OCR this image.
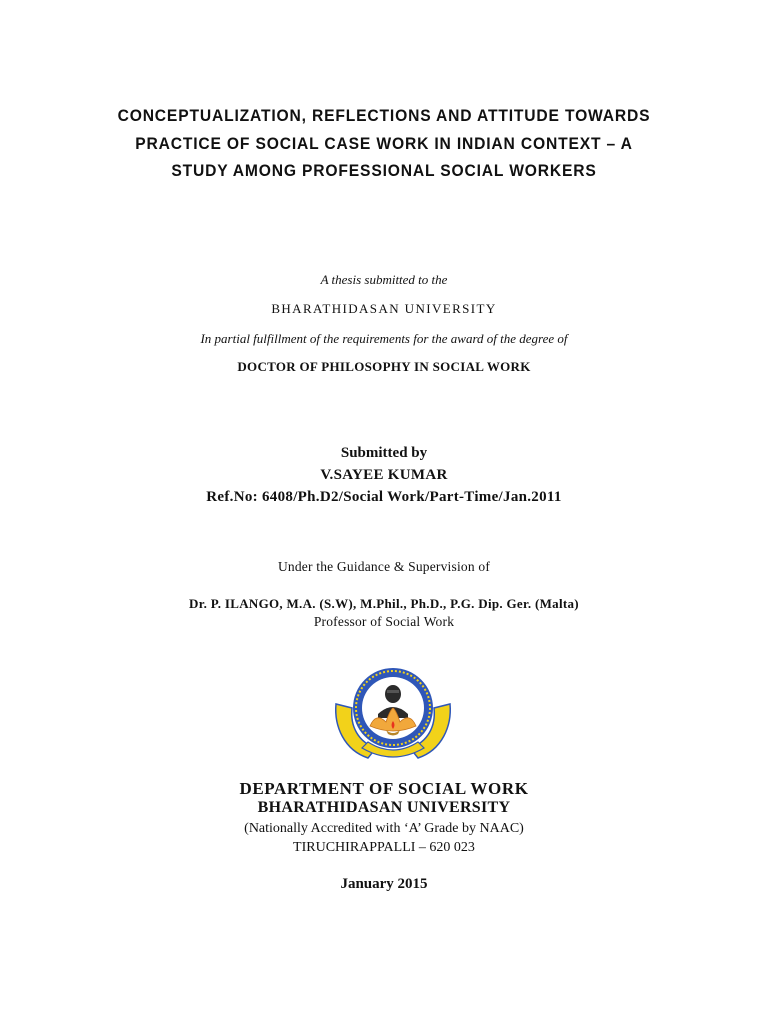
CONCEPTUALIZATION, REFLECTIONS AND ATTITUDE TOWARDS

PRACTICE OF SOCIAL CASE WORK IN INDIAN CONTEXT – A

STUDY AMONG PROFESSIONAL SOCIAL WORKERS

A thesis submitted to the

BHARATHIDASAN UNIVERSITY

In partial fulfillment of the requirements for the award of the degree of

DOCTOR OF PHILOSOPHY IN SOCIAL WORK

Submitted by

V.SAYEE KUMAR

Ref.No: 6408/Ph.D2/Social Work/Part-Time/Jan.2011

Under the Guidance & Supervision of

Dr. P. ILANGO, M.A. (S.W), M.Phil., Ph.D., P.G. Dip. Ger. (Malta)

Professor of Social Work

DEPARTMENT OF SOCIAL WORK

BHARATHIDASAN UNIVERSITY

(Nationally Accredited with ‘A’ Grade by NAAC)

TIRUCHIRAPPALLI – 620 023

January 2015
